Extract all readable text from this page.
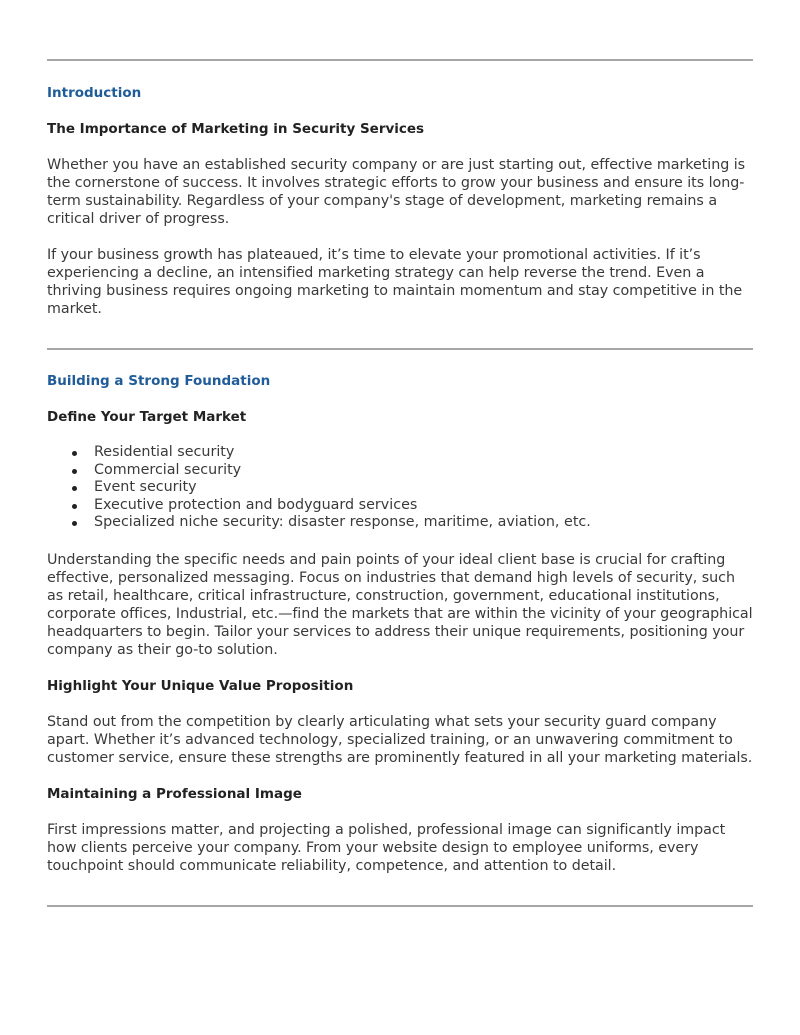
Introduction
The Importance of Marketing in Security Services

Whether you have an established security company or are just starting out, effective marketing is the cornerstone of success. It involves strategic efforts to grow your business and ensure its long-term sustainability. Regardless of your company's stage of development, marketing remains a critical driver of progress.

If your business growth has plateaued, it’s time to elevate your promotional activities. If it’s experiencing a decline, an intensified marketing strategy can help reverse the trend. Even a thriving business requires ongoing marketing to maintain momentum and stay competitive in the market.

Building a Strong Foundation
Define Your Target Market
Residential security
Commercial security
Event security
Executive protection and bodyguard services
Specialized niche security: disaster response, maritime, aviation, etc.

Understanding the specific needs and pain points of your ideal client base is crucial for crafting effective, personalized messaging. Focus on industries that demand high levels of security, such as retail, healthcare, critical infrastructure, construction, government, educational institutions, corporate offices, Industrial, etc.—find the markets that are within the vicinity of your geographical headquarters to begin. Tailor your services to address their unique requirements, positioning your company as their go-to solution.

Highlight Your Unique Value Proposition

Stand out from the competition by clearly articulating what sets your security guard company apart. Whether it’s advanced technology, specialized training, or an unwavering commitment to customer service, ensure these strengths are prominently featured in all your marketing materials.

Maintaining a Professional Image

First impressions matter, and projecting a polished, professional image can significantly impact how clients perceive your company. From your website design to employee uniforms, every touchpoint should communicate reliability, competence, and attention to detail.
